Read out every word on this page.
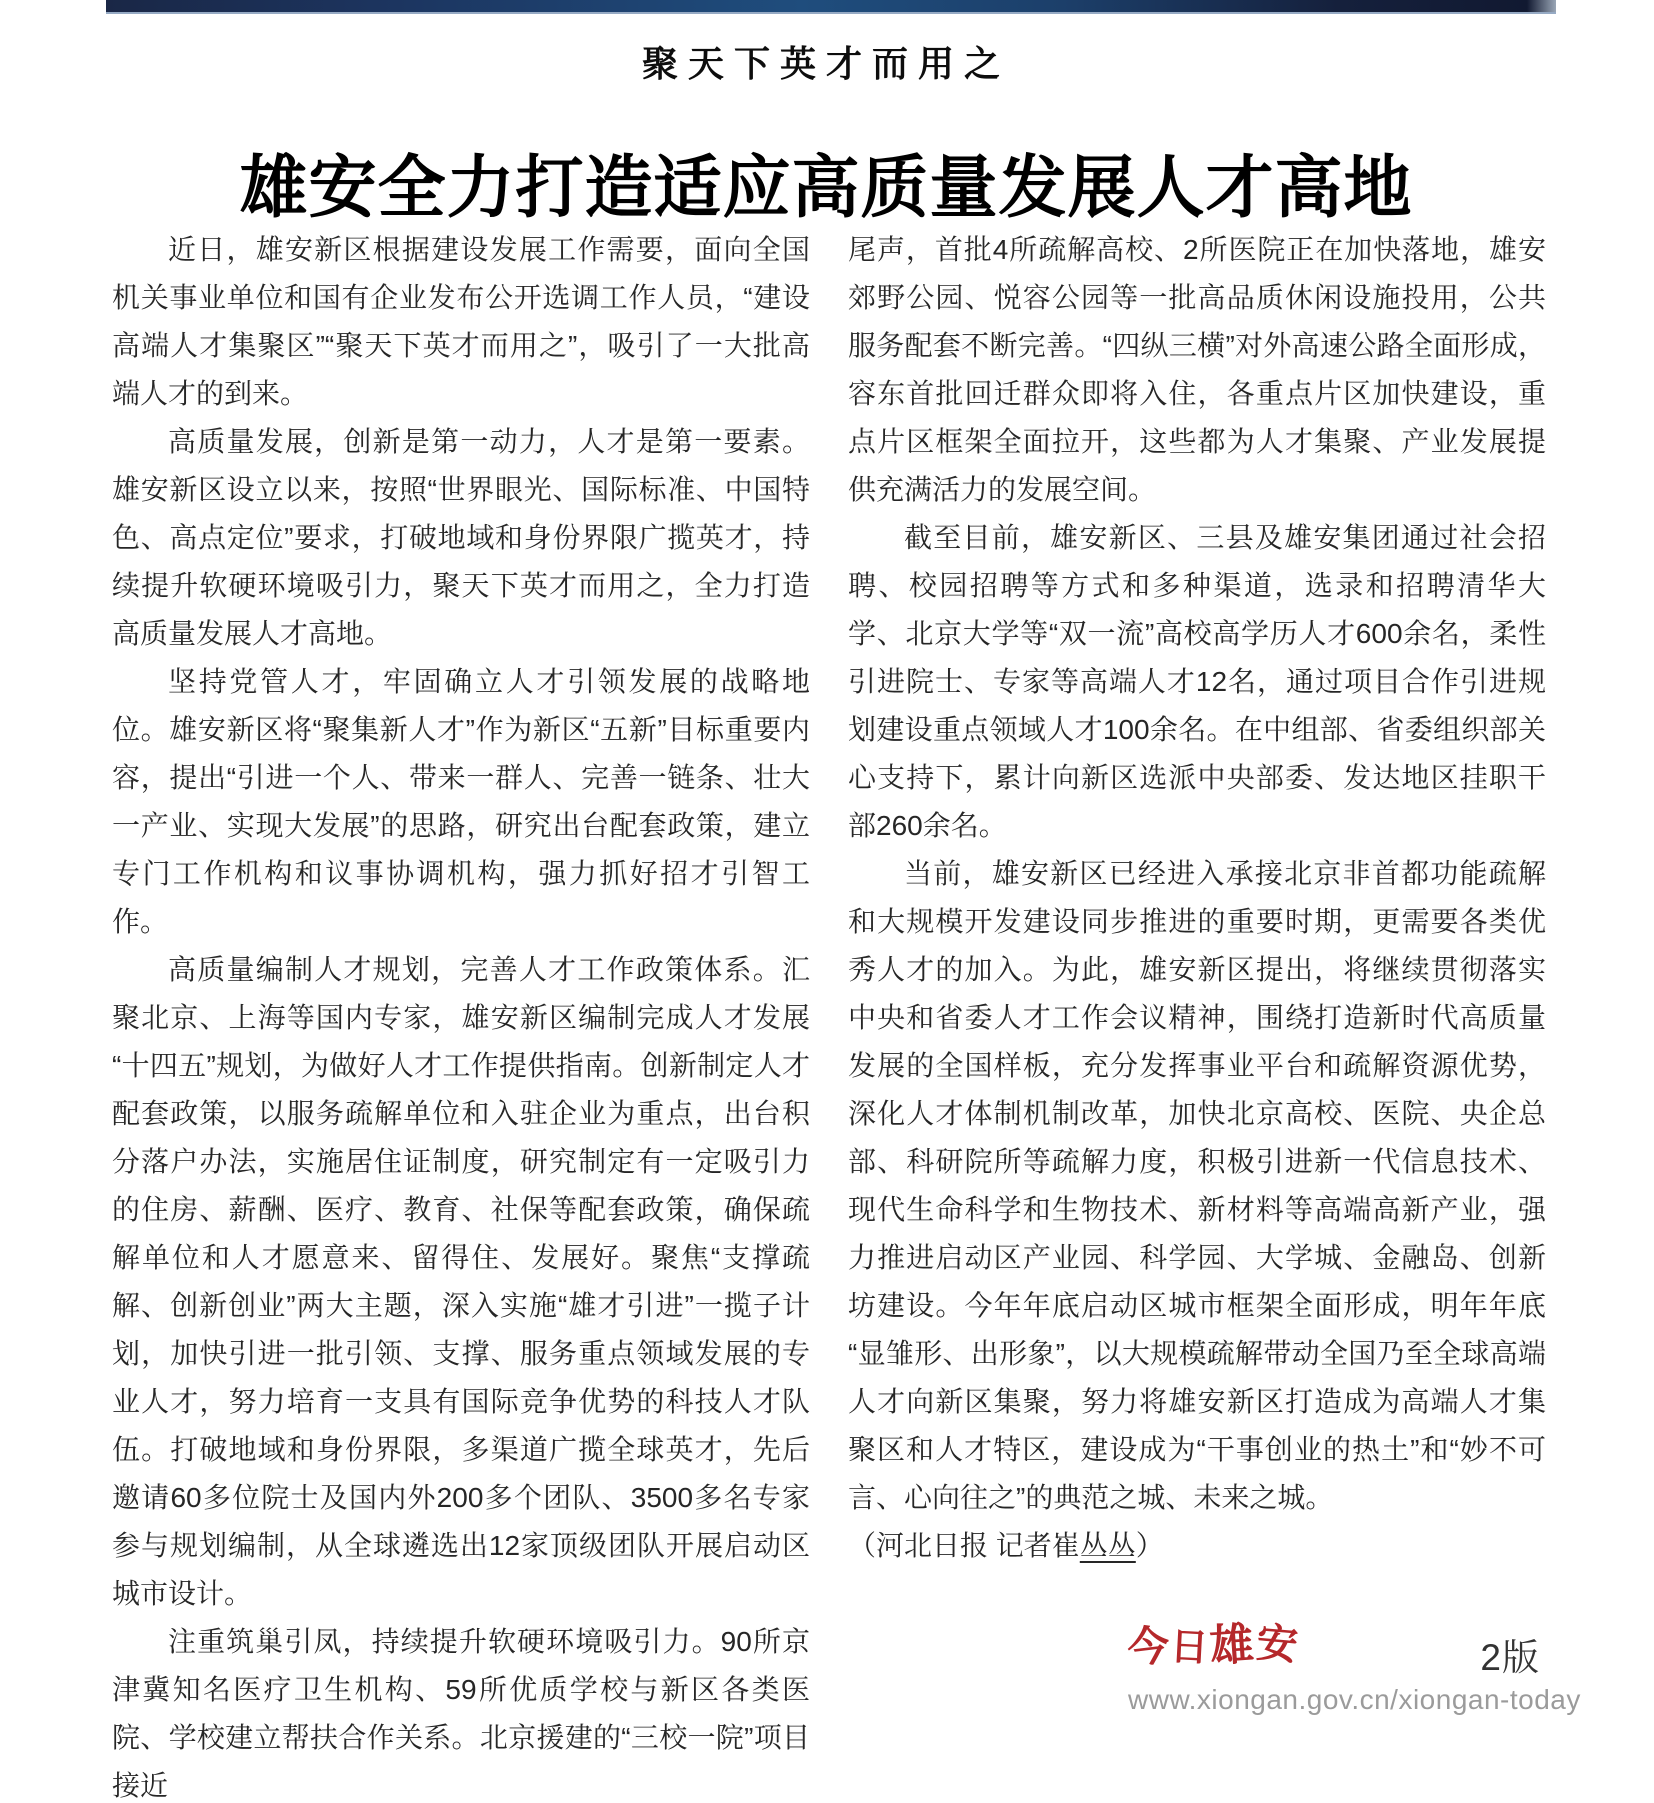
聚天下英才而用之
雄安全力打造适应高质量发展人才高地

近日，雄安新区根据建设发展工作需要，面向全国机关事业单位和国有企业发布公开选调工作人员，“建设高端人才集聚区”“聚天下英才而用之”，吸引了一大批高端人才的到来。

高质量发展，创新是第一动力，人才是第一要素。雄安新区设立以来，按照“世界眼光、国际标准、中国特色、高点定位”要求，打破地域和身份界限广揽英才，持续提升软硬环境吸引力，聚天下英才而用之，全力打造高质量发展人才高地。

坚持党管人才，牢固确立人才引领发展的战略地位。雄安新区将“聚集新人才”作为新区“五新”目标重要内容，提出“引进一个人、带来一群人、完善一链条、壮大一产业、实现大发展”的思路，研究出台配套政策，建立专门工作机构和议事协调机构，强力抓好招才引智工作。

高质量编制人才规划，完善人才工作政策体系。汇聚北京、上海等国内专家，雄安新区编制完成人才发展“十四五”规划，为做好人才工作提供指南。创新制定人才配套政策，以服务疏解单位和入驻企业为重点，出台积分落户办法，实施居住证制度，研究制定有一定吸引力的住房、薪酬、医疗、教育、社保等配套政策，确保疏解单位和人才愿意来、留得住、发展好。聚焦“支撑疏解、创新创业”两大主题，深入实施“雄才引进”一揽子计划，加快引进一批引领、支撑、服务重点领域发展的专业人才，努力培育一支具有国际竞争优势的科技人才队伍。打破地域和身份界限，多渠道广揽全球英才，先后邀请60多位院士及国内外200多个团队、3500多名专家参与规划编制，从全球遴选出12家顶级团队开展启动区城市设计。

注重筑巢引凤，持续提升软硬环境吸引力。90所京津冀知名医疗卫生机构、59所优质学校与新区各类医院、学校建立帮扶合作关系。北京援建的“三校一院”项目接近

尾声，首批4所疏解高校、2所医院正在加快落地，雄安郊野公园、悦容公园等一批高品质休闲设施投用，公共服务配套不断完善。“四纵三横”对外高速公路全面形成，容东首批回迁群众即将入住，各重点片区加快建设，重点片区框架全面拉开，这些都为人才集聚、产业发展提供充满活力的发展空间。

截至目前，雄安新区、三县及雄安集团通过社会招聘、校园招聘等方式和多种渠道，选录和招聘清华大学、北京大学等“双一流”高校高学历人才600余名，柔性引进院士、专家等高端人才12名，通过项目合作引进规划建设重点领域人才100余名。在中组部、省委组织部关心支持下，累计向新区选派中央部委、发达地区挂职干部260余名。

当前，雄安新区已经进入承接北京非首都功能疏解和大规模开发建设同步推进的重要时期，更需要各类优秀人才的加入。为此，雄安新区提出，将继续贯彻落实中央和省委人才工作会议精神，围绕打造新时代高质量发展的全国样板，充分发挥事业平台和疏解资源优势，深化人才体制机制改革，加快北京高校、医院、央企总部、科研院所等疏解力度，积极引进新一代信息技术、现代生命科学和生物技术、新材料等高端高新产业，强力推进启动区产业园、科学园、大学城、金融岛、创新坊建设。今年年底启动区城市框架全面形成，明年年底“显雏形、出形象”，以大规模疏解带动全国乃至全球高端人才向新区集聚，努力将雄安新区打造成为高端人才集聚区和人才特区，建设成为“干事创业的热土”和“妙不可言、心向往之”的典范之城、未来之城。

（河北日报 记者崔丛丛）

今日雄安	2版
www.xiongan.gov.cn/xiongan-today
